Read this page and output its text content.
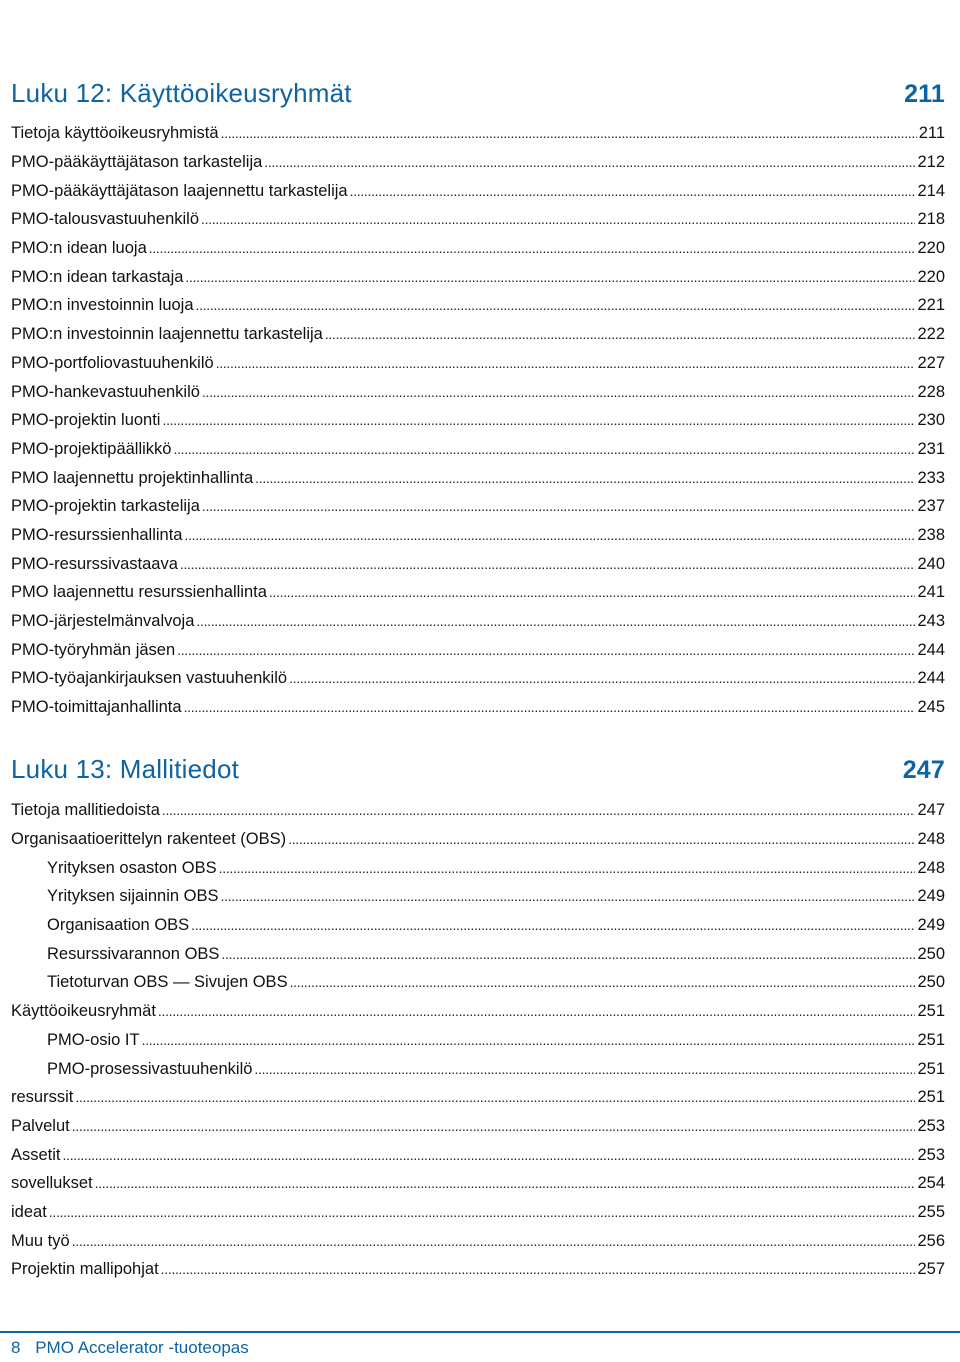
Luku 12: Käyttöoikeusryhmät	211
Tietoja käyttöoikeusryhmistä . . .	211
PMO-pääkäyttäjätason tarkastelija . . .	212
PMO-pääkäyttäjätason laajennettu tarkastelija . . .	214
PMO-talousvastuuhenkilö . . .	218
PMO:n idean luoja . . .	220
PMO:n idean tarkastaja . . .	220
PMO:n investoinnin luoja . . .	221
PMO:n investoinnin laajennettu tarkastelija . . .	222
PMO-portfoliovastuuhenkilö . . .	227
PMO-hankevastuuhenkilö . . .	228
PMO-projektin luonti . . .	230
PMO-projektipäällikkö . . .	231
PMO laajennettu projektinhallinta . . .	233
PMO-projektin tarkastelija . . .	237
PMO-resurssienhallinta . . .	238
PMO-resurssivastaava . . .	240
PMO laajennettu resurssienhallinta . . .	241
PMO-järjestelmänvalvoja . . .	243
PMO-työryhmän jäsen . . .	244
PMO-työajankirjauksen vastuuhenkilö . . .	244
PMO-toimittajanhallinta . . .	245
Luku 13: Mallitiedot	247
Tietoja mallitiedoista . . .	247
Organisaatioerittelyn rakenteet (OBS) . . .	248
Yrityksen osaston OBS . . .	248
Yrityksen sijainnin OBS . . .	249
Organisaation OBS . . .	249
Resurssivarannon OBS . . .	250
Tietoturvan OBS — Sivujen OBS . . .	250
Käyttöoikeusryhmät . . .	251
PMO-osio IT . . .	251
PMO-prosessivastuuhenkilö . . .	251
resurssit . . .	251
Palvelut . . .	253
Assetit . . .	253
sovellukset . . .	254
ideat . . .	255
Muu työ . . .	256
Projektin mallipohjat . . .	257
8 PMO Accelerator -tuoteopas
